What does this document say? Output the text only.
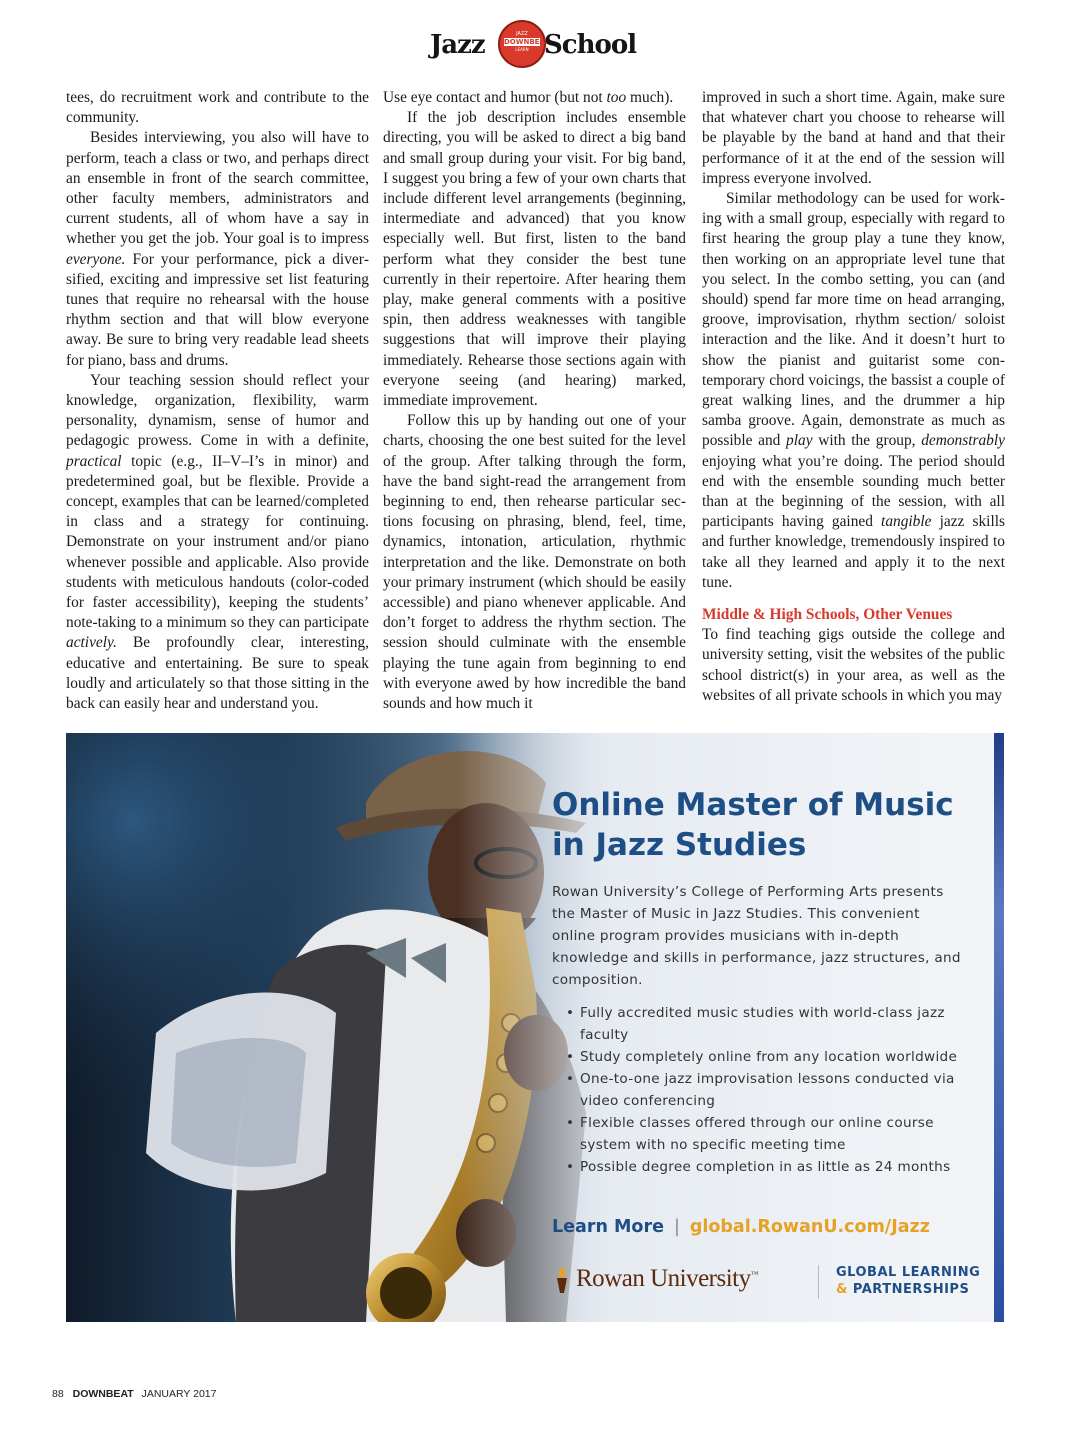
Jazz	JAZZ
DOWNBEAT
LEARN School

tees, do recruitment work and contribute to the community.

Besides interviewing, you also will have to perform, teach a class or two, and perhaps direct an ensemble in front of the search committee, other faculty members, administrators and current students, all of whom have a say in whether you get the job. Your goal is to impress everyone. For your performance, pick a diversified, exciting and impressive set list featuring tunes that require no rehearsal with the house rhythm section and that will blow everyone away. Be sure to bring very readable lead sheets for piano, bass and drums.

Your teaching session should reflect your knowledge, organization, flexibility, warm personality, dynamism, sense of humor and pedagogic prowess. Come in with a definite, practical topic (e.g., II–V–I’s in minor) and predetermined goal, but be flexible. Provide a concept, examples that can be learned/completed in class and a strategy for continuing. Demonstrate on your instrument and/or piano whenever possible and applicable. Also provide students with meticulous handouts (color-coded for faster accessibility), keeping the students’ note-taking to a minimum so they can participate actively. Be profoundly clear, interesting, educative and entertaining. Be sure to speak loudly and articulately so that those sitting in the back can easily hear and understand you.

Use eye contact and humor (but not too much).

If the job description includes ensemble directing, you will be asked to direct a big band and small group during your visit. For big band, I suggest you bring a few of your own charts that include different level arrangements (beginning, intermediate and advanced) that you know especially well. But first, listen to the band perform what they consider the best tune currently in their repertoire. After hearing them play, make general comments with a positive spin, then address weaknesses with tangible suggestions that will improve their playing immediately. Rehearse those sections again with everyone seeing (and hearing) marked, immediate improvement.

Follow this up by handing out one of your charts, choosing the one best suited for the level of the group. After talking through the form, have the band sight-read the arrangement from beginning to end, then rehearse particular sections focusing on phrasing, blend, feel, time, dynamics, intonation, articulation, rhythmic interpretation and the like. Demonstrate on both your primary instrument (which should be easily accessible) and piano whenever applicable. And don’t forget to address the rhythm section. The session should culminate with the ensemble playing the tune again from beginning to end with everyone awed by how incredible the band sounds and how much it

improved in such a short time. Again, make sure that whatever chart you choose to rehearse will be playable by the band at hand and that their performance of it at the end of the session will impress everyone involved.

Similar methodology can be used for working with a small group, especially with regard to first hearing the group play a tune they know, then working on an appropriate level tune that you select. In the combo setting, you can (and should) spend far more time on head arranging, groove, improvisation, rhythm section/ soloist interaction and the like. And it doesn’t hurt to show the pianist and guitarist some contemporary chord voicings, the bassist a couple of great walking lines, and the drummer a hip samba groove. Again, demonstrate as much as possible and play with the group, demonstrably enjoying what you’re doing. The period should end with the ensemble sounding much better than at the beginning of the session, with all participants having gained tangible jazz skills and further knowledge, tremendously inspired to take all they learned and apply it to the next tune.

Middle & High Schools, Other Venues

To find teaching gigs outside the college and university setting, visit the websites of the public school district(s) in your area, as well as the websites of all private schools in which you may

Online Master of Music
in Jazz Studies

Rowan University’s College of Performing Arts presents the Master of Music in Jazz Studies. This convenient online program provides musicians with in-depth knowledge and skills in performance, jazz structures, and composition.

• Fully accredited music studies with world-class jazz faculty
• Study completely online from any location worldwide
• One-to-one jazz improvisation lessons conducted via video conferencing
• Flexible classes offered through our online course system with no specific meeting time
• Possible degree completion in as little as 24 months
Learn More | global.RowanU.com/Jazz
Rowan University™	GLOBAL LEARNING
& PARTNERSHIPS
88 DOWNBEAT JANUARY 2017
